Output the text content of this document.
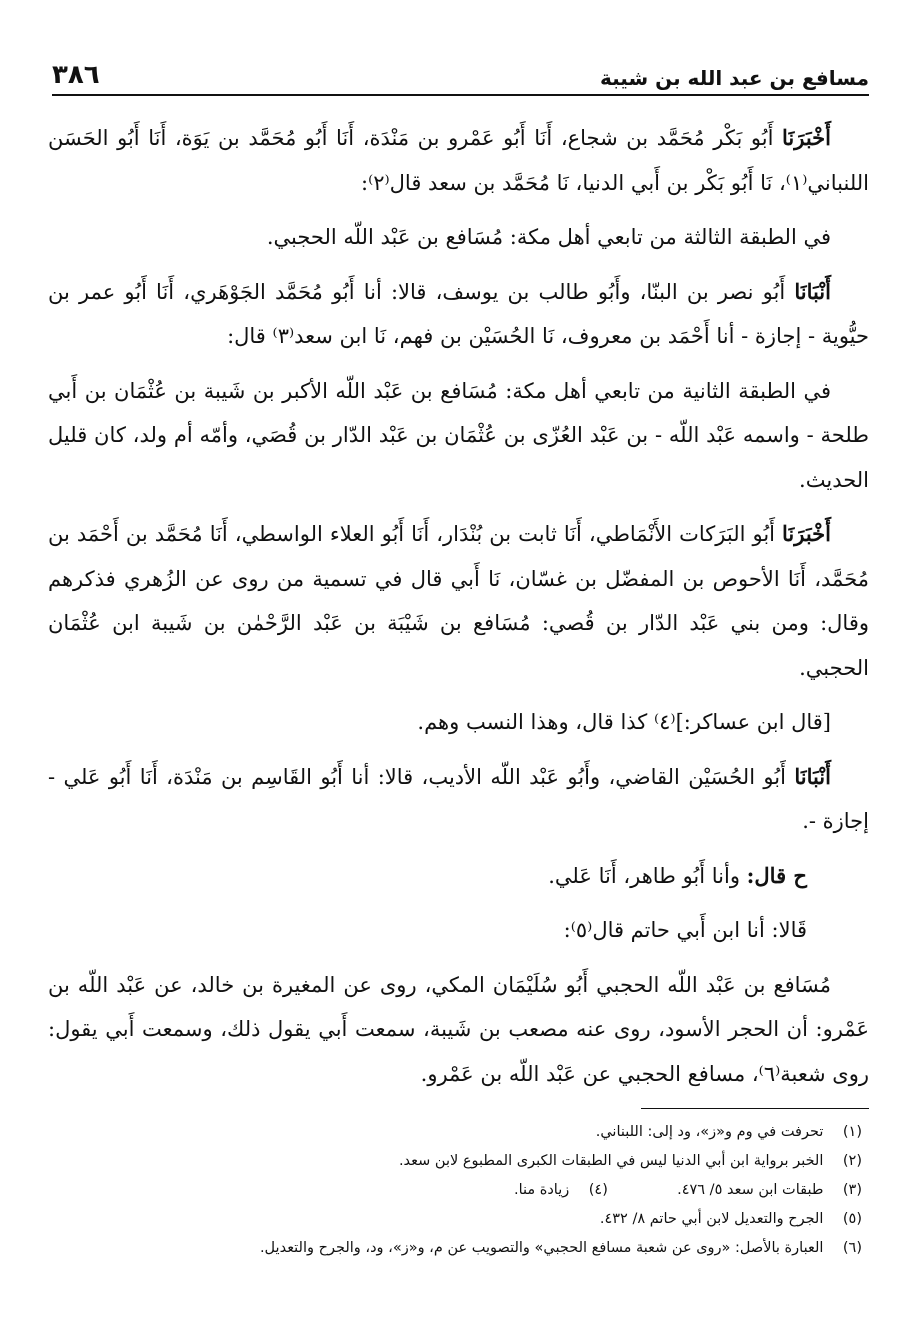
مسافع بن عبد الله بن شيبة
٣٨٦

أَخْبَرَنَا أَبُو بَكْر مُحَمَّد بن شجاع، أَنَا أَبُو عَمْرو بن مَنْدَة، أَنَا أَبُو مُحَمَّد بن يَوَة، أَنَا أَبُو الحَسَن اللنباني⁽١⁾، نَا أَبُو بَكْر بن أَبي الدنيا، نَا مُحَمَّد بن سعد قال⁽٢⁾:

في الطبقة الثالثة من تابعي أهل مكة: مُسَافع بن عَبْد اللّه الحجبي.

أَنْبَانَا أَبُو نصر بن البنّا، وأَبُو طالب بن يوسف، قالا: أنا أَبُو مُحَمَّد الجَوْهَري، أَنَا أَبُو عمر بن حيُّوية - إجازة - أنا أَحْمَد بن معروف، نَا الحُسَيْن بن فهم، نَا ابن سعد⁽٣⁾ قال:

في الطبقة الثانية من تابعي أهل مكة: مُسَافع بن عَبْد اللّه الأكبر بن شَيبة بن عُثْمَان بن أَبي طلحة - واسمه عَبْد اللّه - بن عَبْد العُزّى بن عُثْمَان بن عَبْد الدّار بن قُصَي، وأمّه أم ولد، كان قليل الحديث.

أَخْبَرَنَا أَبُو البَرَكات الأَنْمَاطي، أَنَا ثابت بن بُنْدَار، أَنَا أَبُو العلاء الواسطي، أَنَا مُحَمَّد بن أَحْمَد بن مُحَمَّد، أَنَا الأحوص بن المفضّل بن غسّان، نَا أَبي قال في تسمية من روى عن الزُهري فذكرهم وقال: ومن بني عَبْد الدّار بن قُصي: مُسَافع بن شَيْبَة بن عَبْد الرَّحْمٰن بن شَيبة ابن عُثْمَان الحجبي.

[قال ابن عساكر:]⁽٤⁾ كذا قال، وهذا النسب وهم.

أَنْبَانَا أَبُو الحُسَيْن القاضي، وأَبُو عَبْد اللّه الأديب، قالا: أنا أَبُو القَاسِم بن مَنْدَة، أَنَا أَبُو عَلي - إجازة -.

ح قال: وأنا أَبُو طاهر، أَنَا عَلي.

قَالا: أنا ابن أَبي حاتم قال⁽٥⁾:

مُسَافع بن عَبْد اللّه الحجبي أَبُو سُلَيْمَان المكي، روى عن المغيرة بن خالد، عن عَبْد اللّه بن عَمْرو: أن الحجر الأسود، روى عنه مصعب بن شَيبة، سمعت أَبي يقول ذلك، وسمعت أَبي يقول: روى شعبة⁽٦⁾، مسافع الحجبي عن عَبْد اللّه بن عَمْرو.

(١) تحرفت في وم و«ز»، ود إلى: اللبناني.
(٢) الخبر برواية ابن أبي الدنيا ليس في الطبقات الكبرى المطبوع لابن سعد.
(٣) طبقات ابن سعد ٥/ ٤٧٦.  (٤) زيادة منا.
(٥) الجرح والتعديل لابن أبي حاتم ٨/ ٤٣٢.
(٦) العبارة بالأصل: «روى عن شعبة مسافع الحجبي» والتصويب عن م، و«ز»، ود، والجرح والتعديل.
